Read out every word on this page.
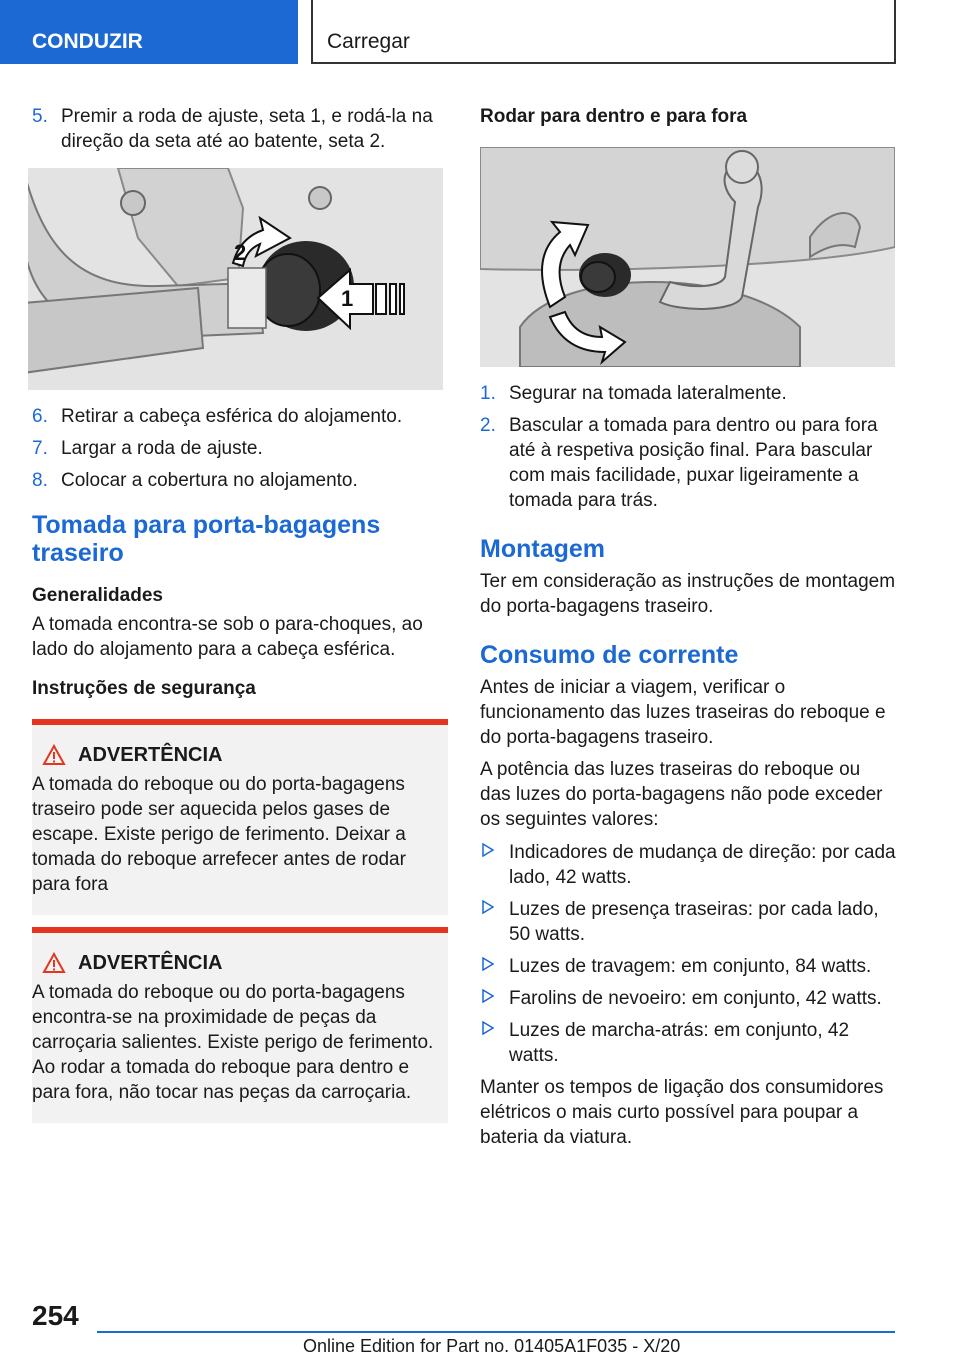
CONDUZIR	Carregar
5. Premir a roda de ajuste, seta 1, e rodá-la na direção da seta até ao batente, seta 2.
2
1
6. Retirar a cabeça esférica do alojamento.
7. Largar a roda de ajuste.
8. Colocar a cobertura no alojamento.
Tomada para porta-bagagens traseiro
Generalidades
A tomada encontra-se sob o para-choques, ao lado do alojamento para a cabeça esférica.
Instruções de segurança
ADVERTÊNCIA
A tomada do reboque ou do porta-bagagens traseiro pode ser aquecida pelos gases de escape. Existe perigo de ferimento. Deixar a tomada do reboque arrefecer antes de rodar para fora
ADVERTÊNCIA
A tomada do reboque ou do porta-bagagens encontra-se na proximidade de peças da carroçaria salientes. Existe perigo de ferimento. Ao rodar a tomada do reboque para dentro e para fora, não tocar nas peças da carroçaria.
Rodar para dentro e para fora
1. Segurar na tomada lateralmente.
2. Bascular a tomada para dentro ou para fora até à respetiva posição final. Para bascular com mais facilidade, puxar ligeiramente a tomada para trás.
Montagem
Ter em consideração as instruções de montagem do porta-bagagens traseiro.
Consumo de corrente
Antes de iniciar a viagem, verificar o funcionamento das luzes traseiras do reboque e do porta-bagagens traseiro.
A potência das luzes traseiras do reboque ou das luzes do porta-bagagens não pode exceder os seguintes valores:
Indicadores de mudança de direção: por cada lado, 42 watts.
Luzes de presença traseiras: por cada lado, 50 watts.
Luzes de travagem: em conjunto, 84 watts.
Farolins de nevoeiro: em conjunto, 42 watts.
Luzes de marcha-atrás: em conjunto, 42 watts.
Manter os tempos de ligação dos consumidores elétricos o mais curto possível para poupar a bateria da viatura.
254
Online Edition for Part no. 01405A1F035 - X/20
